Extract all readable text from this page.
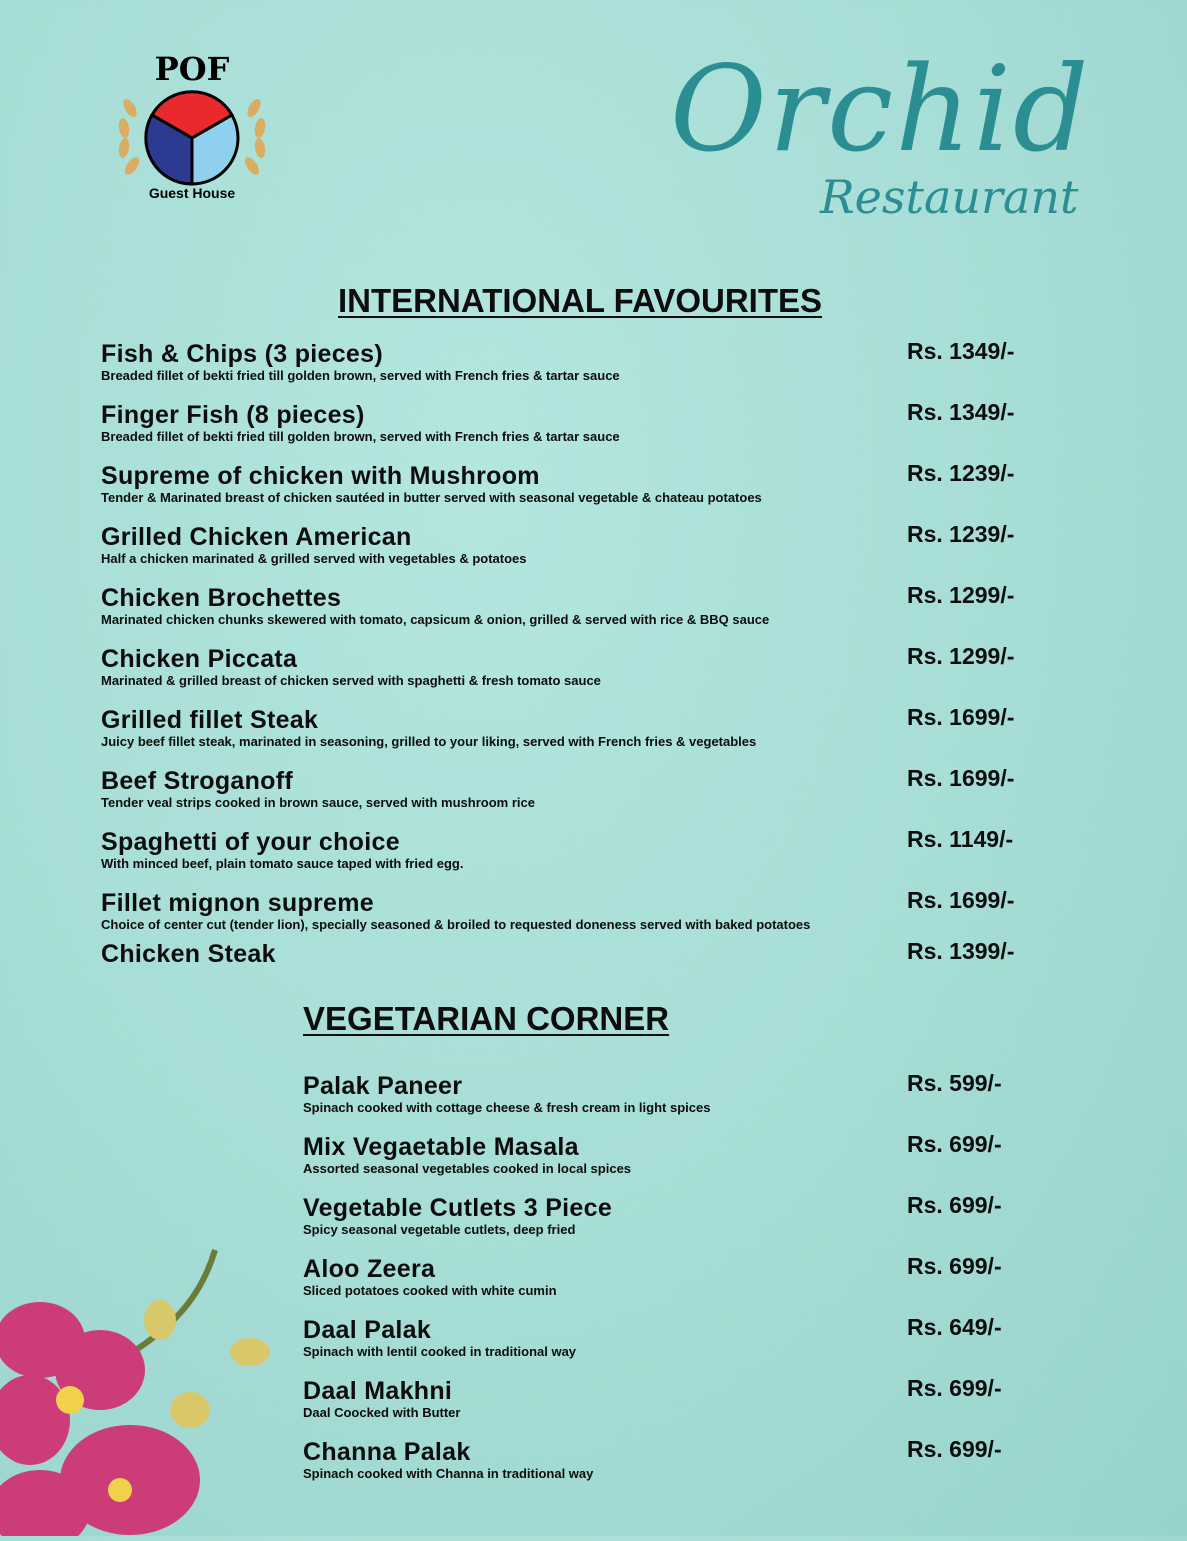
POF
Guest House
Orchid
Restaurant
INTERNATIONAL FAVOURITES
Fish & Chips (3 pieces)
Breaded fillet of bekti fried till golden brown, served with French fries & tartar sauce
Rs. 1349/-
Finger Fish (8 pieces)
Breaded fillet of bekti fried till golden brown, served with French fries & tartar sauce
Rs. 1349/-
Supreme of chicken with Mushroom
Tender & Marinated breast of chicken sautéed in butter served with seasonal vegetable & chateau potatoes
Rs. 1239/-
Grilled Chicken American
Half a chicken marinated & grilled served with vegetables & potatoes
Rs. 1239/-
Chicken Brochettes
Marinated chicken chunks skewered with tomato, capsicum & onion, grilled & served with rice & BBQ sauce
Rs. 1299/-
Chicken Piccata
Marinated & grilled breast of chicken served with spaghetti & fresh tomato sauce
Rs. 1299/-
Grilled fillet Steak
Juicy beef fillet steak, marinated in seasoning, grilled to your liking, served with French fries & vegetables
Rs. 1699/-
Beef Stroganoff
Tender veal strips cooked in brown sauce, served with mushroom rice
Rs. 1699/-
Spaghetti of your choice
With minced beef, plain tomato sauce taped with fried egg.
Rs. 1149/-
Fillet mignon supreme
Choice of center cut (tender lion), specially seasoned & broiled to requested doneness served with baked potatoes
Rs. 1699/-
Chicken Steak	Rs. 1399/-
VEGETARIAN CORNER
Palak Paneer
Spinach cooked with cottage cheese & fresh cream in light spices
Rs. 599/-
Mix Vegaetable Masala
Assorted seasonal vegetables cooked in local spices
Rs. 699/-
Vegetable Cutlets 3 Piece
Spicy seasonal vegetable cutlets, deep fried
Rs. 699/-
Aloo Zeera
Sliced potatoes cooked with white cumin
Rs. 699/-
Daal Palak
Spinach with lentil cooked in traditional way
Rs. 649/-
Daal Makhni
Daal Coocked with Butter
Rs. 699/-
Channa Palak
Spinach cooked with Channa in traditional way
Rs. 699/-
